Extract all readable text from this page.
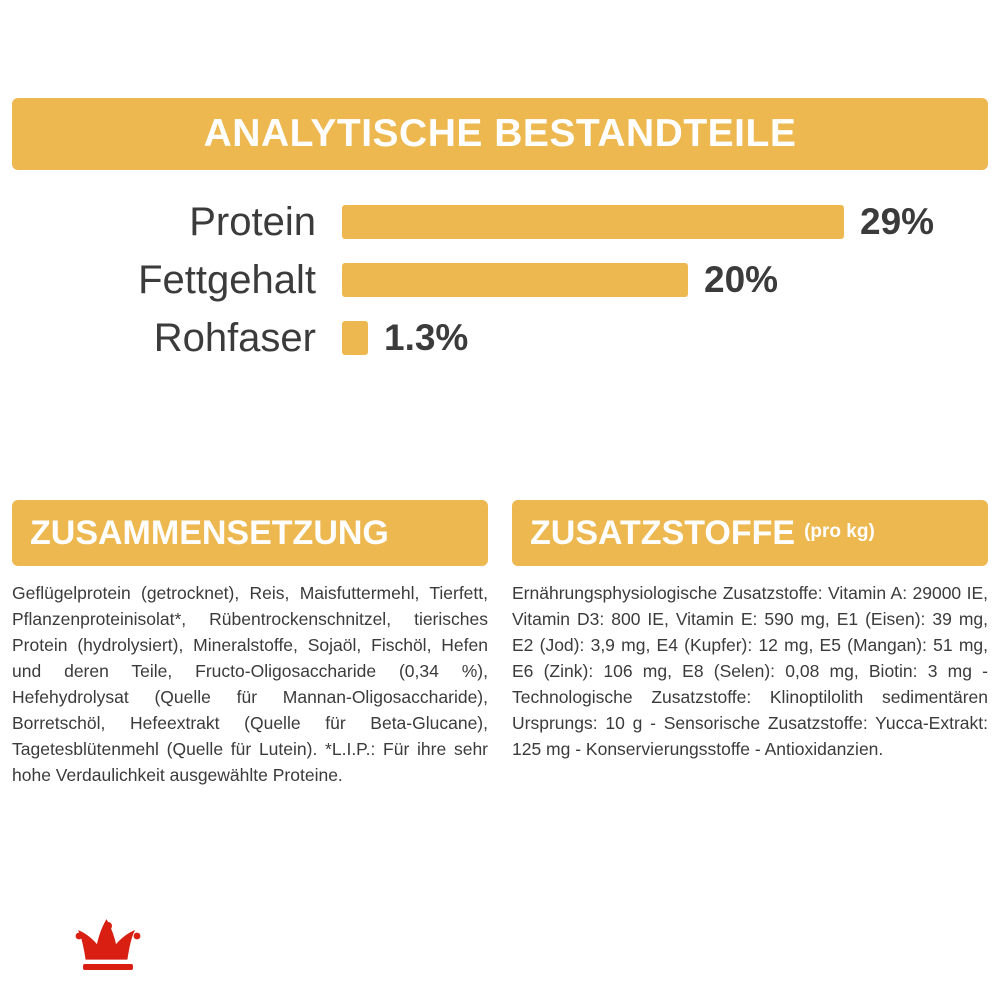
ANALYTISCHE BESTANDTEILE
Protein	29%
Fettgehalt	20%
Rohfaser	1.3%
ZUSAMMENSETZUNG
Geflügelprotein (getrocknet), Reis, Maisfuttermehl, Tierfett, Pflanzenproteinisolat*, Rübentrockenschnitzel, tierisches Protein (hydrolysiert), Mineralstoffe, Sojaöl, Fischöl, Hefen und deren Teile, Fructo-Oligosaccharide (0,34 %), Hefehydrolysat (Quelle für Mannan-Oligosaccharide), Borretschöl, Hefeextrakt (Quelle für Beta-Glucane), Tagetesblütenmehl (Quelle für Lutein). *L.I.P.: Für ihre sehr hohe Verdaulichkeit ausgewählte Proteine.
ZUSATZSTOFFE (pro kg)
Ernährungsphysiologische Zusatzstoffe: Vitamin A: 29000 IE, Vitamin D3: 800 IE, Vitamin E: 590 mg, E1 (Eisen): 39 mg, E2 (Jod): 3,9 mg, E4 (Kupfer): 12 mg, E5 (Mangan): 51 mg, E6 (Zink): 106 mg, E8 (Selen): 0,08 mg, Biotin: 3 mg - Technologische Zusatzstoffe: Klinoptilolith sedimentären Ursprungs: 10 g - Sensorische Zusatzstoffe: Yucca-Extrakt: 125 mg - Konservierungsstoffe - Antioxidanzien.
